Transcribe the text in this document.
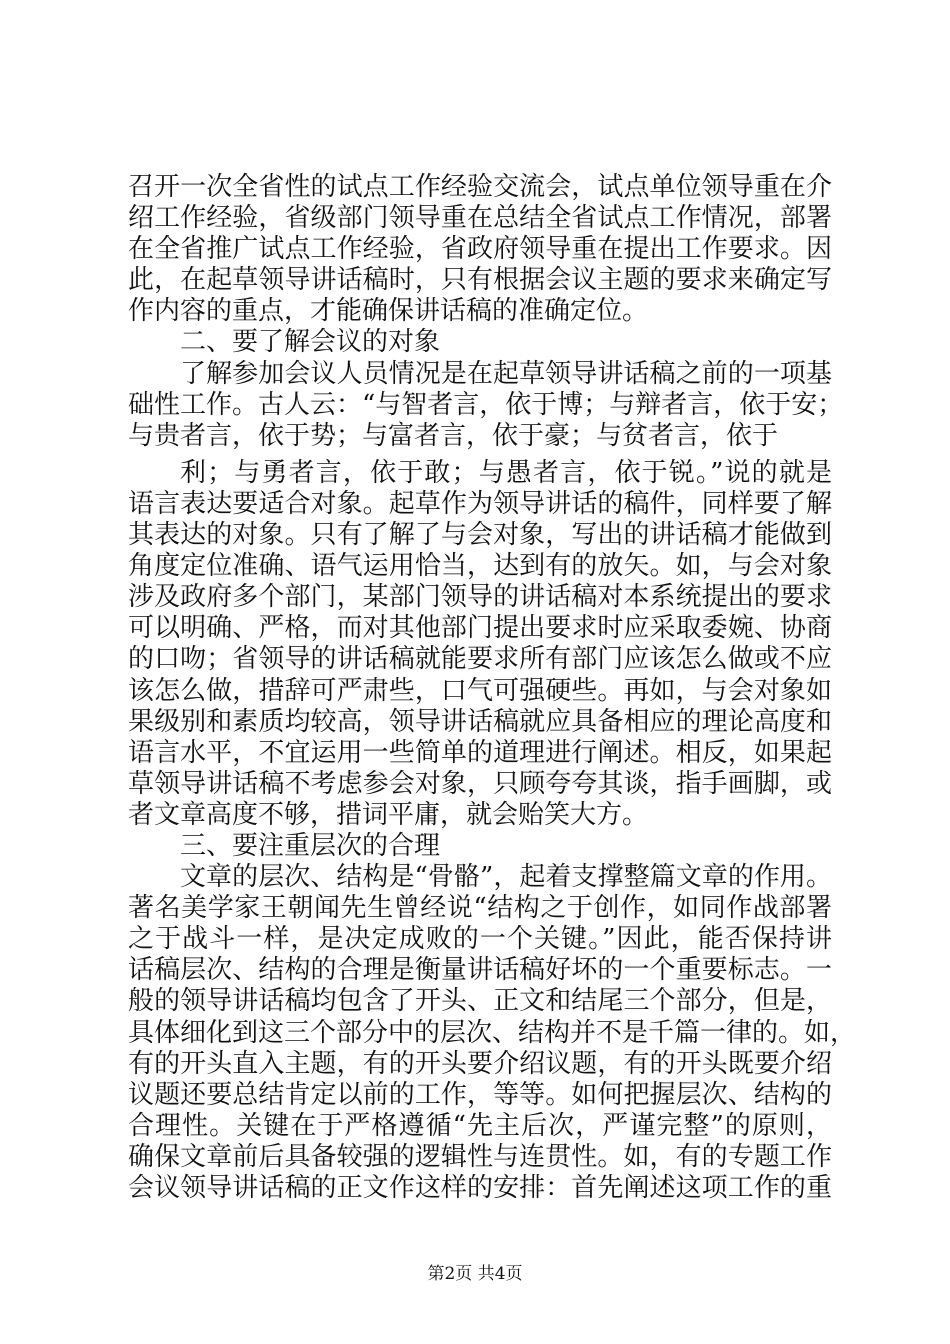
召开一次全省性的试点工作经验交流会，试点单位领导重在介
绍工作经验，省级部门领导重在总结全省试点工作情况，部署
在全省推广试点工作经验，省政府领导重在提出工作要求。因
此，在起草领导讲话稿时，只有根据会议主题的要求来确定写
作内容的重点，才能确保讲话稿的准确定位。
二、要了解会议的对象
了解参加会议人员情况是在起草领导讲话稿之前的一项基
础性工作。古人云：“与智者言，依于博；与辩者言，依于安；
与贵者言，依于势；与富者言，依于豪；与贫者言，依于
利；与勇者言，依于敢；与愚者言，依于锐。”说的就是
语言表达要适合对象。起草作为领导讲话的稿件，同样要了解
其表达的对象。只有了解了与会对象，写出的讲话稿才能做到
角度定位准确、语气运用恰当，达到有的放矢。如，与会对象
涉及政府多个部门，某部门领导的讲话稿对本系统提出的要求
可以明确、严格，而对其他部门提出要求时应采取委婉、协商
的口吻；省领导的讲话稿就能要求所有部门应该怎么做或不应
该怎么做，措辞可严肃些，口气可强硬些。再如，与会对象如
果级别和素质均较高，领导讲话稿就应具备相应的理论高度和
语言水平，不宜运用一些简单的道理进行阐述。相反，如果起
草领导讲话稿不考虑参会对象，只顾夸夸其谈，指手画脚，或
者文章高度不够，措词平庸，就会贻笑大方。
三、要注重层次的合理
文章的层次、结构是“骨骼”，起着支撑整篇文章的作用。
著名美学家王朝闻先生曾经说“结构之于创作，如同作战部署
之于战斗一样，是决定成败的一个关键。”因此，能否保持讲
话稿层次、结构的合理是衡量讲话稿好坏的一个重要标志。一
般的领导讲话稿均包含了开头、正文和结尾三个部分，但是，
具体细化到这三个部分中的层次、结构并不是千篇一律的。如，
有的开头直入主题，有的开头要介绍议题，有的开头既要介绍
议题还要总结肯定以前的工作，等等。如何把握层次、结构的
合理性。关键在于严格遵循“先主后次，严谨完整”的原则，
确保文章前后具备较强的逻辑性与连贯性。如，有的专题工作
会议领导讲话稿的正文作这样的安排：首先阐述这项工作的重
第2页 共4页
